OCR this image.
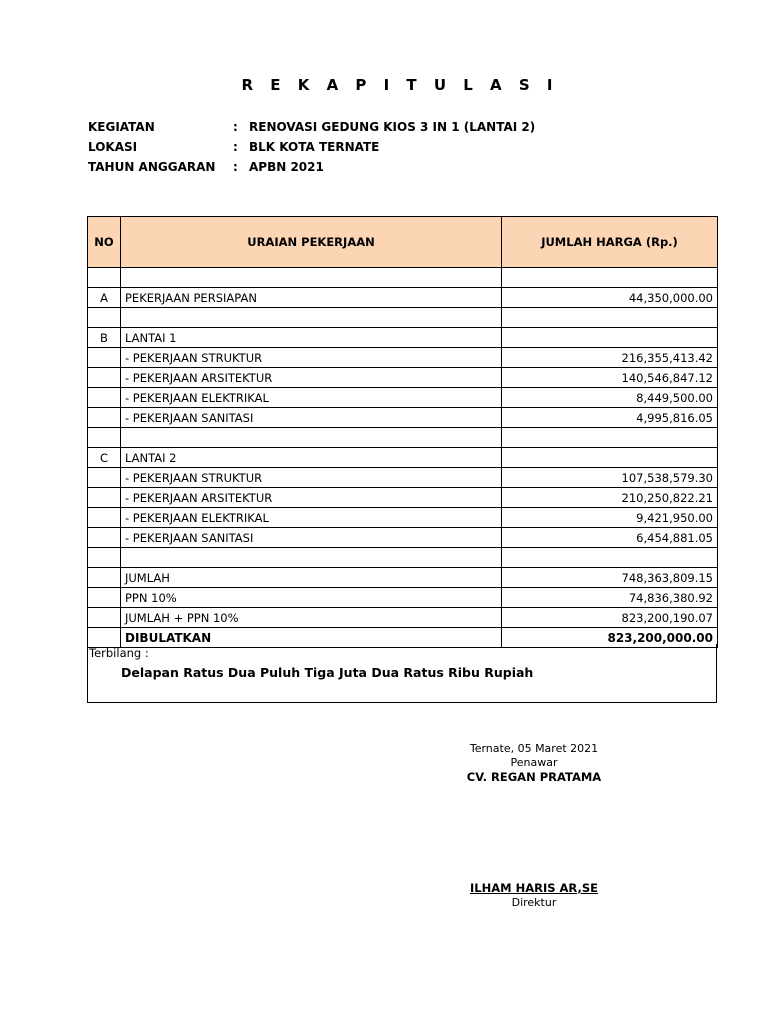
R E K A P I T U L A S I
KEGIATAN	: RENOVASI GEDUNG KIOS 3 IN 1 (LANTAI 2)
LOKASI	: BLK KOTA TERNATE
TAHUN ANGGARAN : APBN 2021
NO	URAIAN PEKERJAAN	JUMLAH HARGA (Rp.)

A	PEKERJAAN PERSIAPAN	44,350,000.00

B	LANTAI 1	
	- PEKERJAAN STRUKTUR	216,355,413.42
	- PEKERJAAN ARSITEKTUR	140,546,847.12
	- PEKERJAAN ELEKTRIKAL	8,449,500.00
	- PEKERJAAN SANITASI	4,995,816.05

C	LANTAI 2	
	- PEKERJAAN STRUKTUR	107,538,579.30
	- PEKERJAAN ARSITEKTUR	210,250,822.21
	- PEKERJAAN ELEKTRIKAL	9,421,950.00
	- PEKERJAAN SANITASI	6,454,881.05

	JUMLAH	748,363,809.15
	PPN 10%	74,836,380.92
	JUMLAH + PPN 10%	823,200,190.07
	DIBULATKAN	823,200,000.00
Terbilang :
Delapan Ratus Dua Puluh Tiga Juta Dua Ratus Ribu Rupiah
Ternate, 05 Maret 2021
Penawar
CV. REGAN PRATAMA
ILHAM HARIS AR,SE
Direktur
